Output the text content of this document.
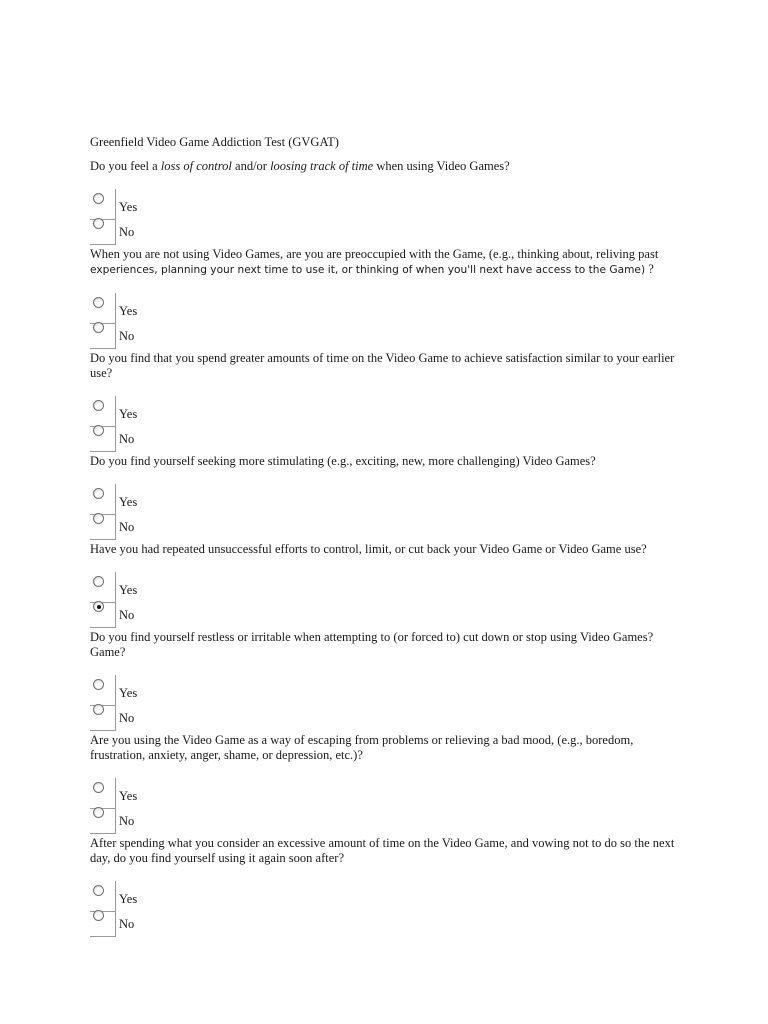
Greenfield Video Game Addiction Test (GVGAT)

Do you feel a loss of control and/or loosing track of time when using Video Games?

Yes
No

When you are not using Video Games, are you are preoccupied with the Game, (e.g., thinking about, reliving past experiences, planning your next time to use it, or thinking of when you'll next have access to the Game) ?

Yes
No

Do you find that you spend greater amounts of time on the Video Game to achieve satisfaction similar to your earlier use?

Yes
No

Do you find yourself seeking more stimulating (e.g., exciting, new, more challenging) Video Games?

Yes
No

Have you had repeated unsuccessful efforts to control, limit, or cut back your Video Game or Video Game use?

Yes
No

Do you find yourself restless or irritable when attempting to (or forced to) cut down or stop using Video Games? Game?

Yes
No

Are you using the Video Game as a way of escaping from problems or relieving a bad mood, (e.g., boredom, frustration, anxiety, anger, shame, or depression, etc.)?

Yes
No

After spending what you consider an excessive amount of time on the Video Game, and vowing not to do so the next day, do you find yourself using it again soon after?

Yes
No
